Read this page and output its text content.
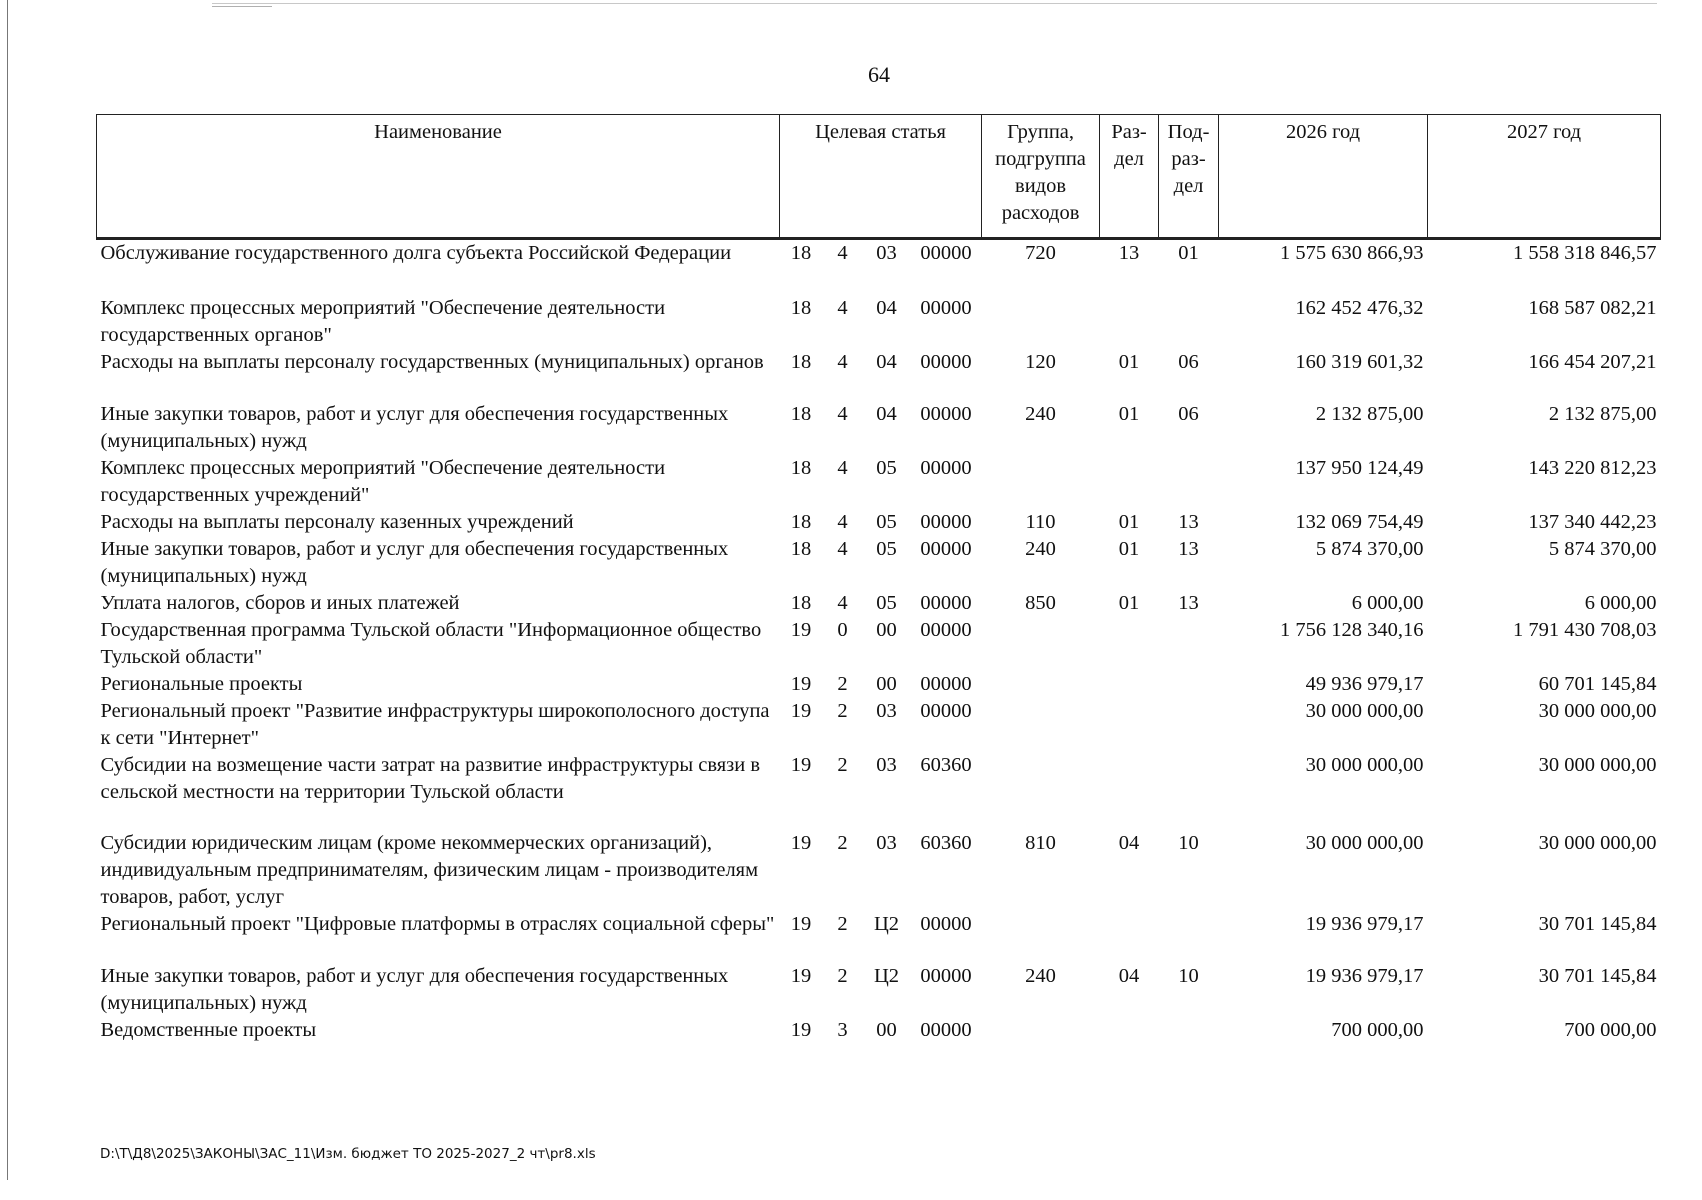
64
Наименование	Целевая статья				Группа, подгруппа видов расходов	Раз-дел	Под-раз-дел	2026 год	2027 год
Обслуживание государственного долга субъекта Российской Федерации	18	4	03	00000	720	13	01	1 575 630 866,93	1 558 318 846,57
Комплекс процессных мероприятий "Обеспечение деятельности государственных органов"	18	4	04	00000				162 452 476,32	168 587 082,21
Расходы на выплаты персоналу государственных (муниципальных) органов	18	4	04	00000	120	01	06	160 319 601,32	166 454 207,21
Иные закупки товаров, работ и услуг для обеспечения государственных (муниципальных) нужд	18	4	04	00000	240	01	06	2 132 875,00	2 132 875,00
Комплекс процессных мероприятий "Обеспечение деятельности государственных учреждений"	18	4	05	00000				137 950 124,49	143 220 812,23
Расходы на выплаты персоналу казенных учреждений	18	4	05	00000	110	01	13	132 069 754,49	137 340 442,23
Иные закупки товаров, работ и услуг для обеспечения государственных (муниципальных) нужд	18	4	05	00000	240	01	13	5 874 370,00	5 874 370,00
Уплата налогов, сборов и иных платежей	18	4	05	00000	850	01	13	6 000,00	6 000,00
Государственная программа Тульской области "Информационное общество Тульской области"	19	0	00	00000				1 756 128 340,16	1 791 430 708,03
Региональные проекты	19	2	00	00000				49 936 979,17	60 701 145,84
Региональный проект "Развитие инфраструктуры широкополосного доступа к сети "Интернет"	19	2	03	00000				30 000 000,00	30 000 000,00
Субсидии на возмещение части затрат на развитие инфраструктуры связи в сельской местности на территории Тульской области	19	2	03	60360				30 000 000,00	30 000 000,00
Субсидии юридическим лицам (кроме некоммерческих организаций), индивидуальным предпринимателям, физическим лицам - производителям товаров, работ, услуг	19	2	03	60360	810	04	10	30 000 000,00	30 000 000,00
Региональный проект "Цифровые платформы в отраслях социальной сферы"	19	2	Ц2	00000				19 936 979,17	30 701 145,84
Иные закупки товаров, работ и услуг для обеспечения государственных (муниципальных) нужд	19	2	Ц2	00000	240	04	10	19 936 979,17	30 701 145,84
Ведомственные проекты	19	3	00	00000				700 000,00	700 000,00
D:\Т\Д8\2025\ЗАКОНЫ\ЗАС_11\Изм. бюджет ТО 2025-2027_2 чт\pr8.xls
